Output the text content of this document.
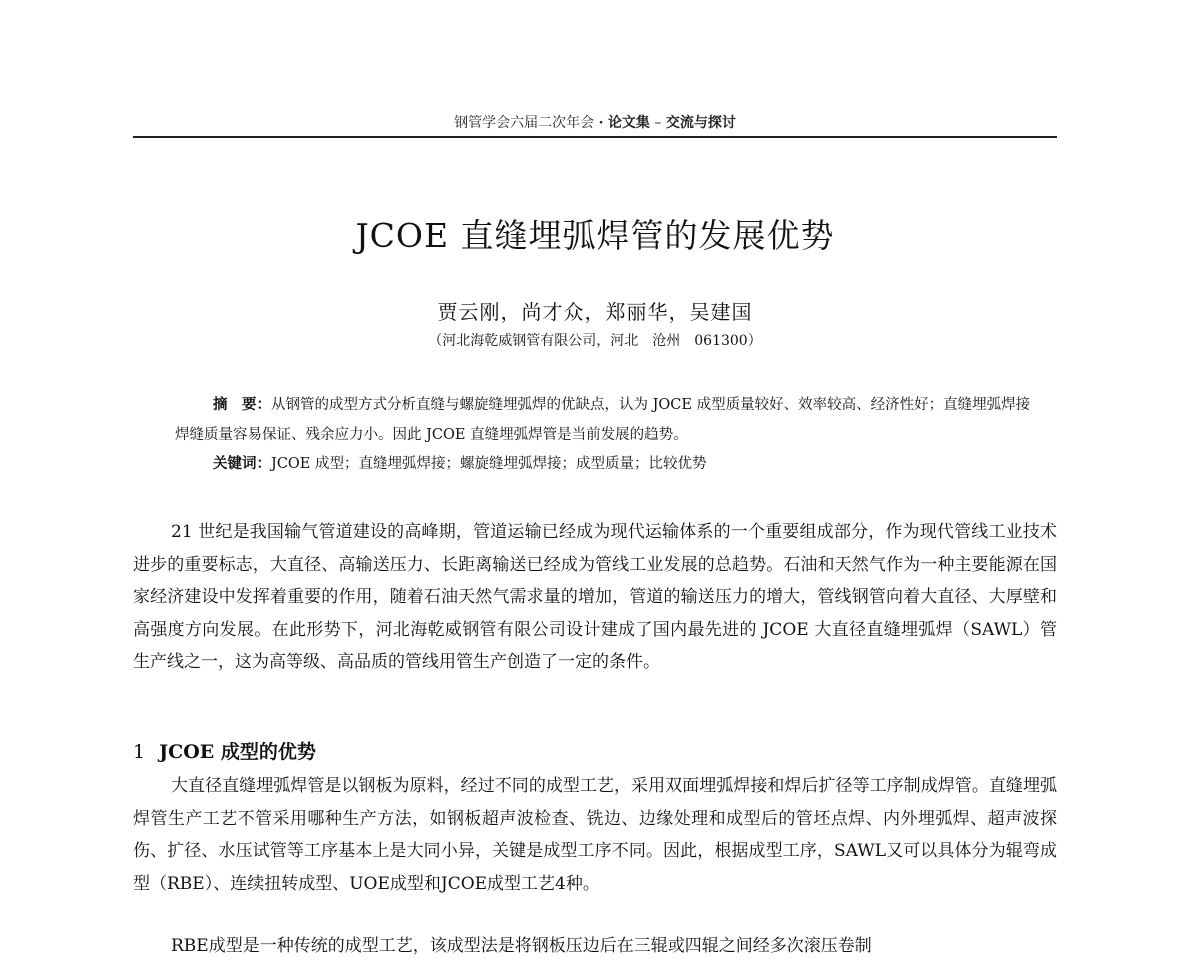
钢管学会六届二次年会 · 论文集 – 交流与探讨
JCOE 直缝埋弧焊管的发展优势
贾云刚，尚才众，郑丽华，吴建国
（河北海乾威钢管有限公司，河北　沧州　061300）
摘　要：从钢管的成型方式分析直缝与螺旋缝埋弧焊的优缺点，认为 JOCE 成型质量较好、效率较高、经济性好；直缝埋弧焊接焊缝质量容易保证、残余应力小。因此 JCOE 直缝埋弧焊管是当前发展的趋势。
关键词：JCOE 成型；直缝埋弧焊接；螺旋缝埋弧焊接；成型质量；比较优势
21 世纪是我国输气管道建设的高峰期，管道运输已经成为现代运输体系的一个重要组成部分，作为现代管线工业技术进步的重要标志，大直径、高输送压力、长距离输送已经成为管线工业发展的总趋势。石油和天然气作为一种主要能源在国家经济建设中发挥着重要的作用，随着石油天然气需求量的增加，管道的输送压力的增大，管线钢管向着大直径、大厚壁和高强度方向发展。在此形势下，河北海乾威钢管有限公司设计建成了国内最先进的 JCOE 大直径直缝埋弧焊（SAWL）管生产线之一，这为高等级、高品质的管线用管生产创造了一定的条件。
1 JCOE 成型的优势
大直径直缝埋弧焊管是以钢板为原料，经过不同的成型工艺，采用双面埋弧焊接和焊后扩径等工序制成焊管。直缝埋弧焊管生产工艺不管采用哪种生产方法，如钢板超声波检查、铣边、边缘处理和成型后的管坯点焊、内外埋弧焊、超声波探伤、扩径、水压试管等工序基本上是大同小异，关键是成型工序不同。因此，根据成型工序，SAWL又可以具体分为辊弯成型（RBE）、连续扭转成型、UOE成型和JCOE成型工艺4种。
RBE成型是一种传统的成型工艺，该成型法是将钢板压边后在三辊或四辊之间经多次滚压卷制
